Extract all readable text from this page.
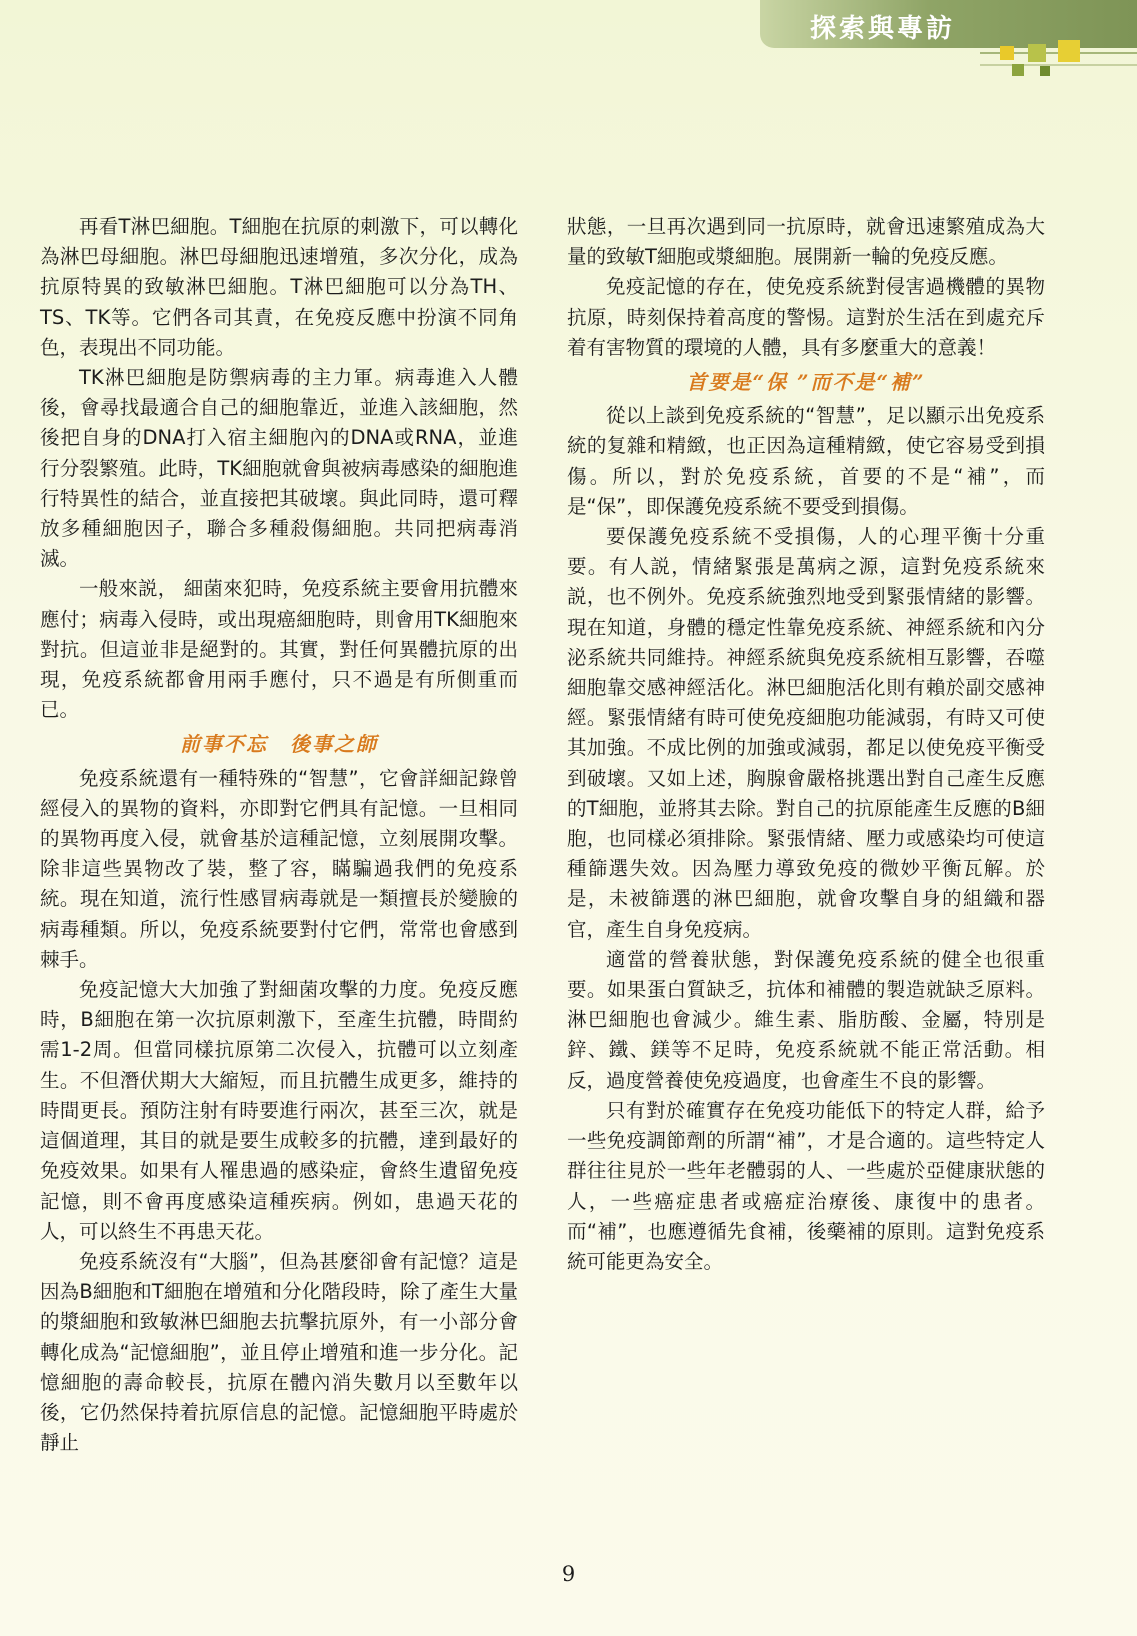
探索與專訪

再看T淋巴細胞。T細胞在抗原的刺激下，可以轉化為淋巴母細胞。淋巴母細胞迅速增殖，多次分化，成為抗原特異的致敏淋巴細胞。T淋巴細胞可以分為TH、TS、TK等。它們各司其責，在免疫反應中扮演不同角色，表現出不同功能。

TK淋巴細胞是防禦病毒的主力軍。病毒進入人體後，會尋找最適合自己的細胞靠近，並進入該細胞，然後把自身的DNA打入宿主細胞內的DNA或RNA，並進行分裂繁殖。此時，TK細胞就會與被病毒感染的細胞進行特異性的結合，並直接把其破壞。與此同時，還可釋放多種細胞因子，聯合多種殺傷細胞。共同把病毒消滅。

一般來説， 細菌來犯時，免疫系統主要會用抗體來應付；病毒入侵時，或出現癌細胞時，則會用TK細胞來對抗。但這並非是絕對的。其實，對任何異體抗原的出現，免疫系統都會用兩手應付，只不過是有所側重而已。

前事不忘　後事之師

免疫系統還有一種特殊的“智慧”，它會詳細記錄曾經侵入的異物的資料，亦即對它們具有記憶。一旦相同的異物再度入侵，就會基於這種記憶，立刻展開攻擊。除非這些異物改了裝，整了容，瞞騙過我們的免疫系統。現在知道，流行性感冒病毒就是一類擅長於變臉的病毒種類。所以，免疫系統要對付它們，常常也會感到棘手。

免疫記憶大大加強了對細菌攻擊的力度。免疫反應時，B細胞在第一次抗原刺激下，至產生抗體，時間約需1-2周。但當同樣抗原第二次侵入，抗體可以立刻產生。不但潛伏期大大縮短，而且抗體生成更多，維持的時間更長。預防注射有時要進行兩次，甚至三次，就是這個道理，其目的就是要生成較多的抗體，達到最好的免疫效果。如果有人罹患過的感染症，會終生遺留免疫記憶，則不會再度感染這種疾病。例如，患過天花的人，可以終生不再患天花。

免疫系統沒有“大腦”，但為甚麼卻會有記憶？這是因為B細胞和T細胞在增殖和分化階段時，除了產生大量的漿細胞和致敏淋巴細胞去抗擊抗原外，有一小部分會轉化成為“記憶細胞”，並且停止增殖和進一步分化。記憶細胞的壽命較長，抗原在體內消失數月以至數年以後，它仍然保持着抗原信息的記憶。記憶細胞平時處於靜止

狀態，一旦再次遇到同一抗原時，就會迅速繁殖成為大量的致敏T細胞或漿細胞。展開新一輪的免疫反應。

免疫記憶的存在，使免疫系統對侵害過機體的異物抗原，時刻保持着高度的警惕。這對於生活在到處充斥着有害物質的環境的人體，具有多麼重大的意義！

首要是“保 ”而不是“補”

從以上談到免疫系統的“智慧”，足以顯示出免疫系統的复雜和精緻，也正因為這種精緻，使它容易受到損傷。所以，對於免疫系統，首要的不是“補”，而是“保”，即保護免疫系統不要受到損傷。

要保護免疫系統不受損傷，人的心理平衡十分重要。有人説，情緒緊張是萬病之源，這對免疫系統來説，也不例外。免疫系統強烈地受到緊張情緒的影響。現在知道，身體的穩定性靠免疫系統、神經系統和內分泌系統共同維持。神經系統與免疫系統相互影響，吞噬細胞靠交感神經活化。淋巴細胞活化則有賴於副交感神經。緊張情緒有時可使免疫細胞功能減弱，有時又可使其加強。不成比例的加強或減弱，都足以使免疫平衡受到破壞。又如上述，胸腺會嚴格挑選出對自己產生反應的T細胞，並將其去除。對自己的抗原能產生反應的B細胞，也同樣必須排除。緊張情緒、壓力或感染均可使這種篩選失效。因為壓力導致免疫的微妙平衡瓦解。於是，未被篩選的淋巴細胞，就會攻擊自身的組織和器官，產生自身免疫病。

適當的營養狀態，對保護免疫系統的健全也很重要。如果蛋白質缺乏，抗体和補體的製造就缺乏原料。淋巴細胞也會減少。維生素、脂肪酸、金屬，特別是鋅、鐵、鎂等不足時，免疫系統就不能正常活動。相反，過度營養使免疫過度，也會產生不良的影響。

只有對於確實存在免疫功能低下的特定人群，給予一些免疫調節劑的所謂“補”，才是合適的。這些特定人群往往見於一些年老體弱的人、一些處於亞健康狀態的人，一些癌症患者或癌症治療後、康復中的患者。而“補”，也應遵循先食補，後藥補的原則。這對免疫系統可能更為安全。

9
